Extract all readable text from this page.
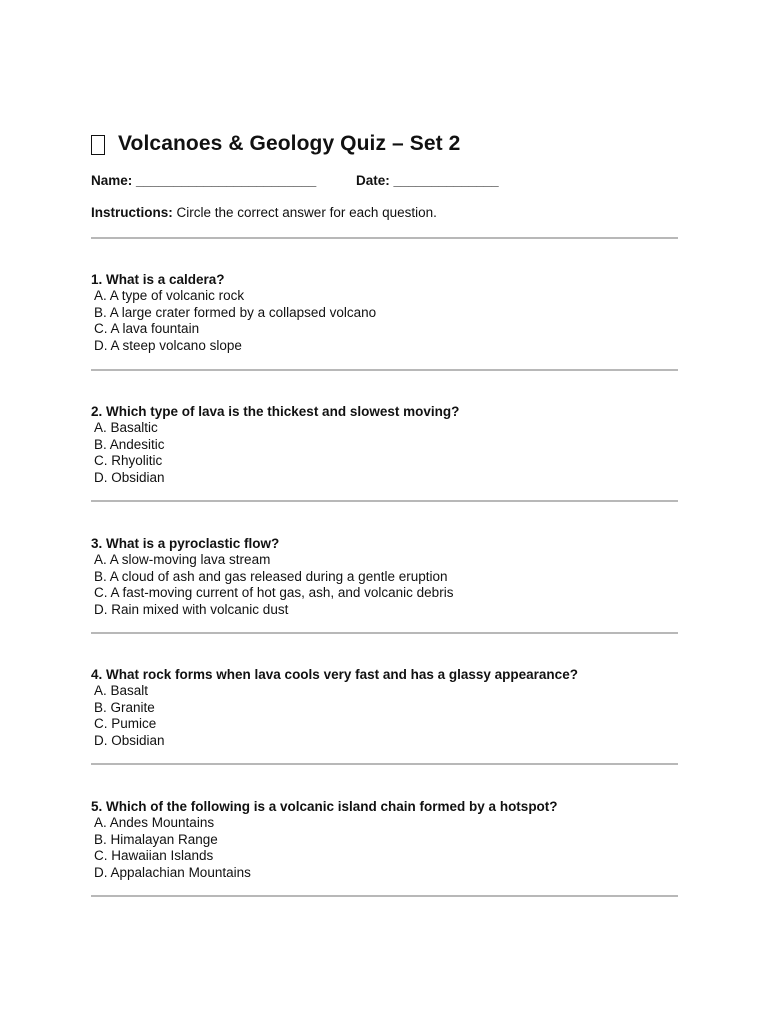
Volcanoes & Geology Quiz – Set 2
Name: ________________________	Date: ______________
Instructions: Circle the correct answer for each question.
1. What is a caldera?
A. A type of volcanic rock
B. A large crater formed by a collapsed volcano
C. A lava fountain
D. A steep volcano slope
2. Which type of lava is the thickest and slowest moving?
A. Basaltic
B. Andesitic
C. Rhyolitic
D. Obsidian
3. What is a pyroclastic flow?
A. A slow-moving lava stream
B. A cloud of ash and gas released during a gentle eruption
C. A fast-moving current of hot gas, ash, and volcanic debris
D. Rain mixed with volcanic dust
4. What rock forms when lava cools very fast and has a glassy appearance?
A. Basalt
B. Granite
C. Pumice
D. Obsidian
5. Which of the following is a volcanic island chain formed by a hotspot?
A. Andes Mountains
B. Himalayan Range
C. Hawaiian Islands
D. Appalachian Mountains
